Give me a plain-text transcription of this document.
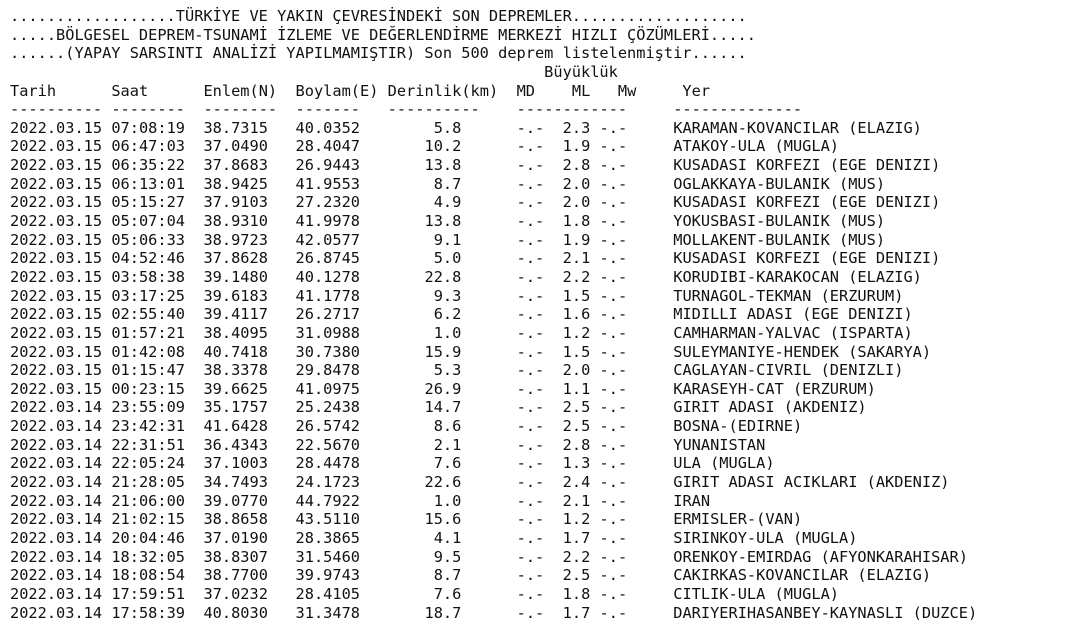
..................TÜRKİYE VE YAKIN ÇEVRESİNDEKİ SON DEPREMLER...................
.....BÖLGESEL DEPREM-TSUNAMİ İZLEME VE DEĞERLENDİRME MERKEZİ HIZLI ÇÖZÜMLERİ.....
......(YAPAY SARSINTI ANALİZİ YAPILMAMIŞTIR) Son 500 deprem listelenmiştir......
Büyüklük
Tarih	Saat	Enlem(N) Boylam(E) Derinlik(km) MD ML Mw	Yer
---------- -------- -------- ------- ---------- ------------	--------------
2022.03.15 07:08:19 38.7315 40.0352        5.8	-.- 2.3 -.-	KARAMAN-KOVANCILAR (ELAZIG)
2022.03.15 06:47:03 37.0490 28.4047       10.2	-.- 1.9 -.-	ATAKOY-ULA (MUGLA)
2022.03.15 06:35:22 37.8683 26.9443       13.8	-.- 2.8 -.-	KUSADASI KORFEZI (EGE DENIZI)
2022.03.15 06:13:01 38.9425 41.9553        8.7	-.- 2.0 -.-	OGLAKKAYA-BULANIK (MUS)
2022.03.15 05:15:27 37.9103 27.2320        4.9	-.- 2.0 -.-	KUSADASI KORFEZI (EGE DENIZI)
2022.03.15 05:07:04 38.9310 41.9978       13.8	-.- 1.8 -.-	YOKUSBASI-BULANIK (MUS)
2022.03.15 05:06:33 38.9723 42.0577        9.1	-.- 1.9 -.-	MOLLAKENT-BULANIK (MUS)
2022.03.15 04:52:46 37.8628 26.8745        5.0	-.- 2.1 -.-	KUSADASI KORFEZI (EGE DENIZI)
2022.03.15 03:58:38 39.1480 40.1278       22.8	-.- 2.2 -.-	KORUDIBI-KARAKOCAN (ELAZIG)
2022.03.15 03:17:25 39.6183 41.1778        9.3	-.- 1.5 -.-	TURNAGOL-TEKMAN (ERZURUM)
2022.03.15 02:55:40 39.4117 26.2717        6.2	-.- 1.6 -.-	MIDILLI ADASI (EGE DENIZI)
2022.03.15 01:57:21 38.4095 31.0988        1.0	-.- 1.2 -.-	CAMHARMAN-YALVAC (ISPARTA)
2022.03.15 01:42:08 40.7418 30.7380       15.9	-.- 1.5 -.-	SULEYMANIYE-HENDEK (SAKARYA)
2022.03.15 01:15:47 38.3378 29.8478        5.3	-.- 2.0 -.-	CAGLAYAN-CIVRIL (DENIZLI)
2022.03.15 00:23:15 39.6625 41.0975       26.9	-.- 1.1 -.-	KARASEYH-CAT (ERZURUM)
2022.03.14 23:55:09 35.1757 25.2438       14.7	-.- 2.5 -.-	GIRIT ADASI (AKDENIZ)
2022.03.14 23:42:31 41.6428 26.5742        8.6	-.- 2.5 -.-	BOSNA-(EDIRNE)
2022.03.14 22:31:51 36.4343 22.5670        2.1	-.- 2.8 -.-	YUNANISTAN
2022.03.14 22:05:24 37.1003 28.4478        7.6	-.- 1.3 -.-	ULA (MUGLA)
2022.03.14 21:28:05 34.7493 24.1723       22.6	-.- 2.4 -.-	GIRIT ADASI ACIKLARI (AKDENIZ)
2022.03.14 21:06:00 39.0770 44.7922        1.0	-.- 2.1 -.-	IRAN
2022.03.14 21:02:15 38.8658 43.5110       15.6	-.- 1.2 -.-	ERMISLER-(VAN)
2022.03.14 20:04:46 37.0190 28.3865        4.1	-.- 1.7 -.-	SIRINKOY-ULA (MUGLA)
2022.03.14 18:32:05 38.8307 31.5460        9.5	-.- 2.2 -.-	ORENKOY-EMIRDAG (AFYONKARAHISAR)
2022.03.14 18:08:54 38.7700 39.9743        8.7	-.- 2.5 -.-	CAKIRKAS-KOVANCILAR (ELAZIG)
2022.03.14 17:59:51 37.0232 28.4105        7.6	-.- 1.8 -.-	CITLIK-ULA (MUGLA)
2022.03.14 17:58:39 40.8030 31.3478       18.7	-.- 1.7 -.-	DARIYERIHASANBEY-KAYNASLI (DUZCE)
